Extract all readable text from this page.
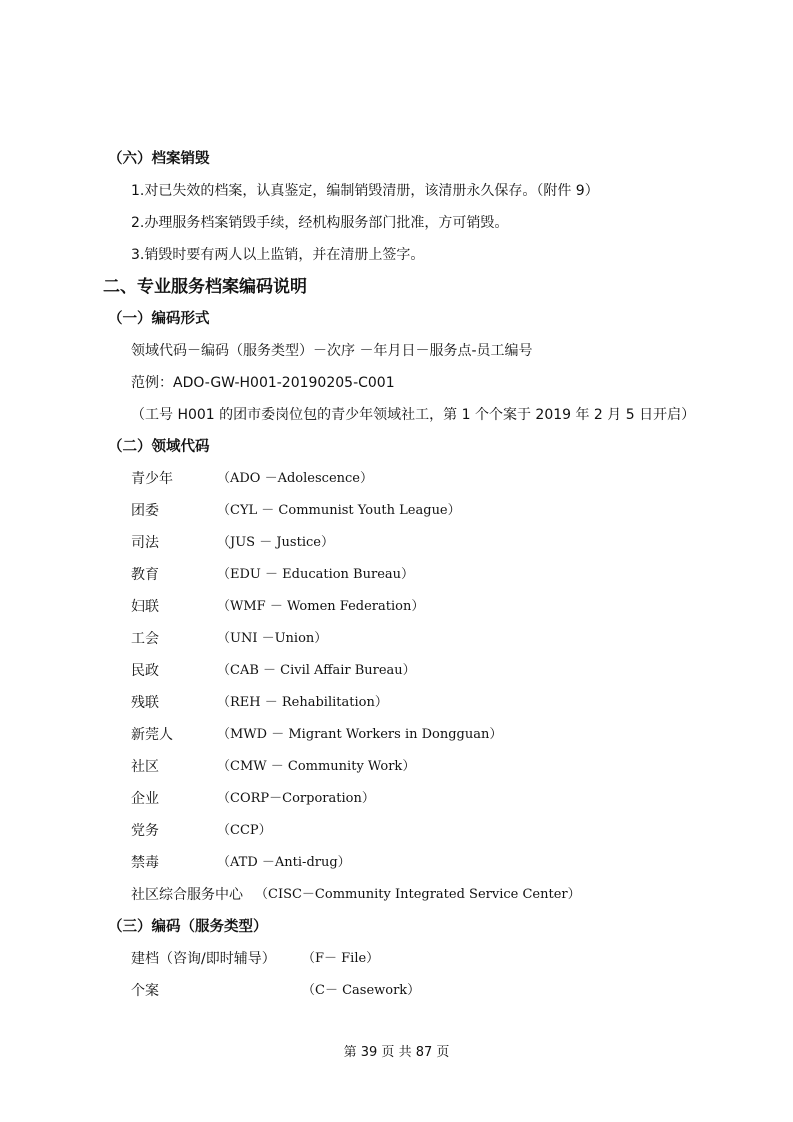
（六）档案销毁
1.对已失效的档案，认真鉴定，编制销毁清册，该清册永久保存。（附件 9）
2.办理服务档案销毁手续，经机构服务部门批准，方可销毁。
3.销毁时要有两人以上监销，并在清册上签字。
二、专业服务档案编码说明
（一）编码形式
领域代码－编码（服务类型）－次序 －年月日－服务点-员工编号
范例：ADO-GW-H001-20190205-C001
（工号 H001 的团市委岗位包的青少年领域社工，第 1 个个案于 2019 年 2 月 5 日开启）
（二）领域代码
青少年	（ADO －Adolescence）
团委	（CYL － Communist Youth League）
司法	（JUS － Justice）
教育	（EDU － Education Bureau）
妇联	（WMF － Women Federation）
工会	（UNI －Union）
民政	（CAB － Civil Affair Bureau）
残联	（REH － Rehabilitation）
新莞人	（MWD － Migrant Workers in Dongguan）
社区	（CMW － Community Work）
企业	（CORP－Corporation）
党务	（CCP）
禁毒	（ATD －Anti-drug）
社区综合服务中心 （CISC－Community Integrated Service Center）
（三）编码（服务类型）
建档（咨询/即时辅导） （F－ File）
个案	（C－ Casework）
第 39 页 共 87 页
